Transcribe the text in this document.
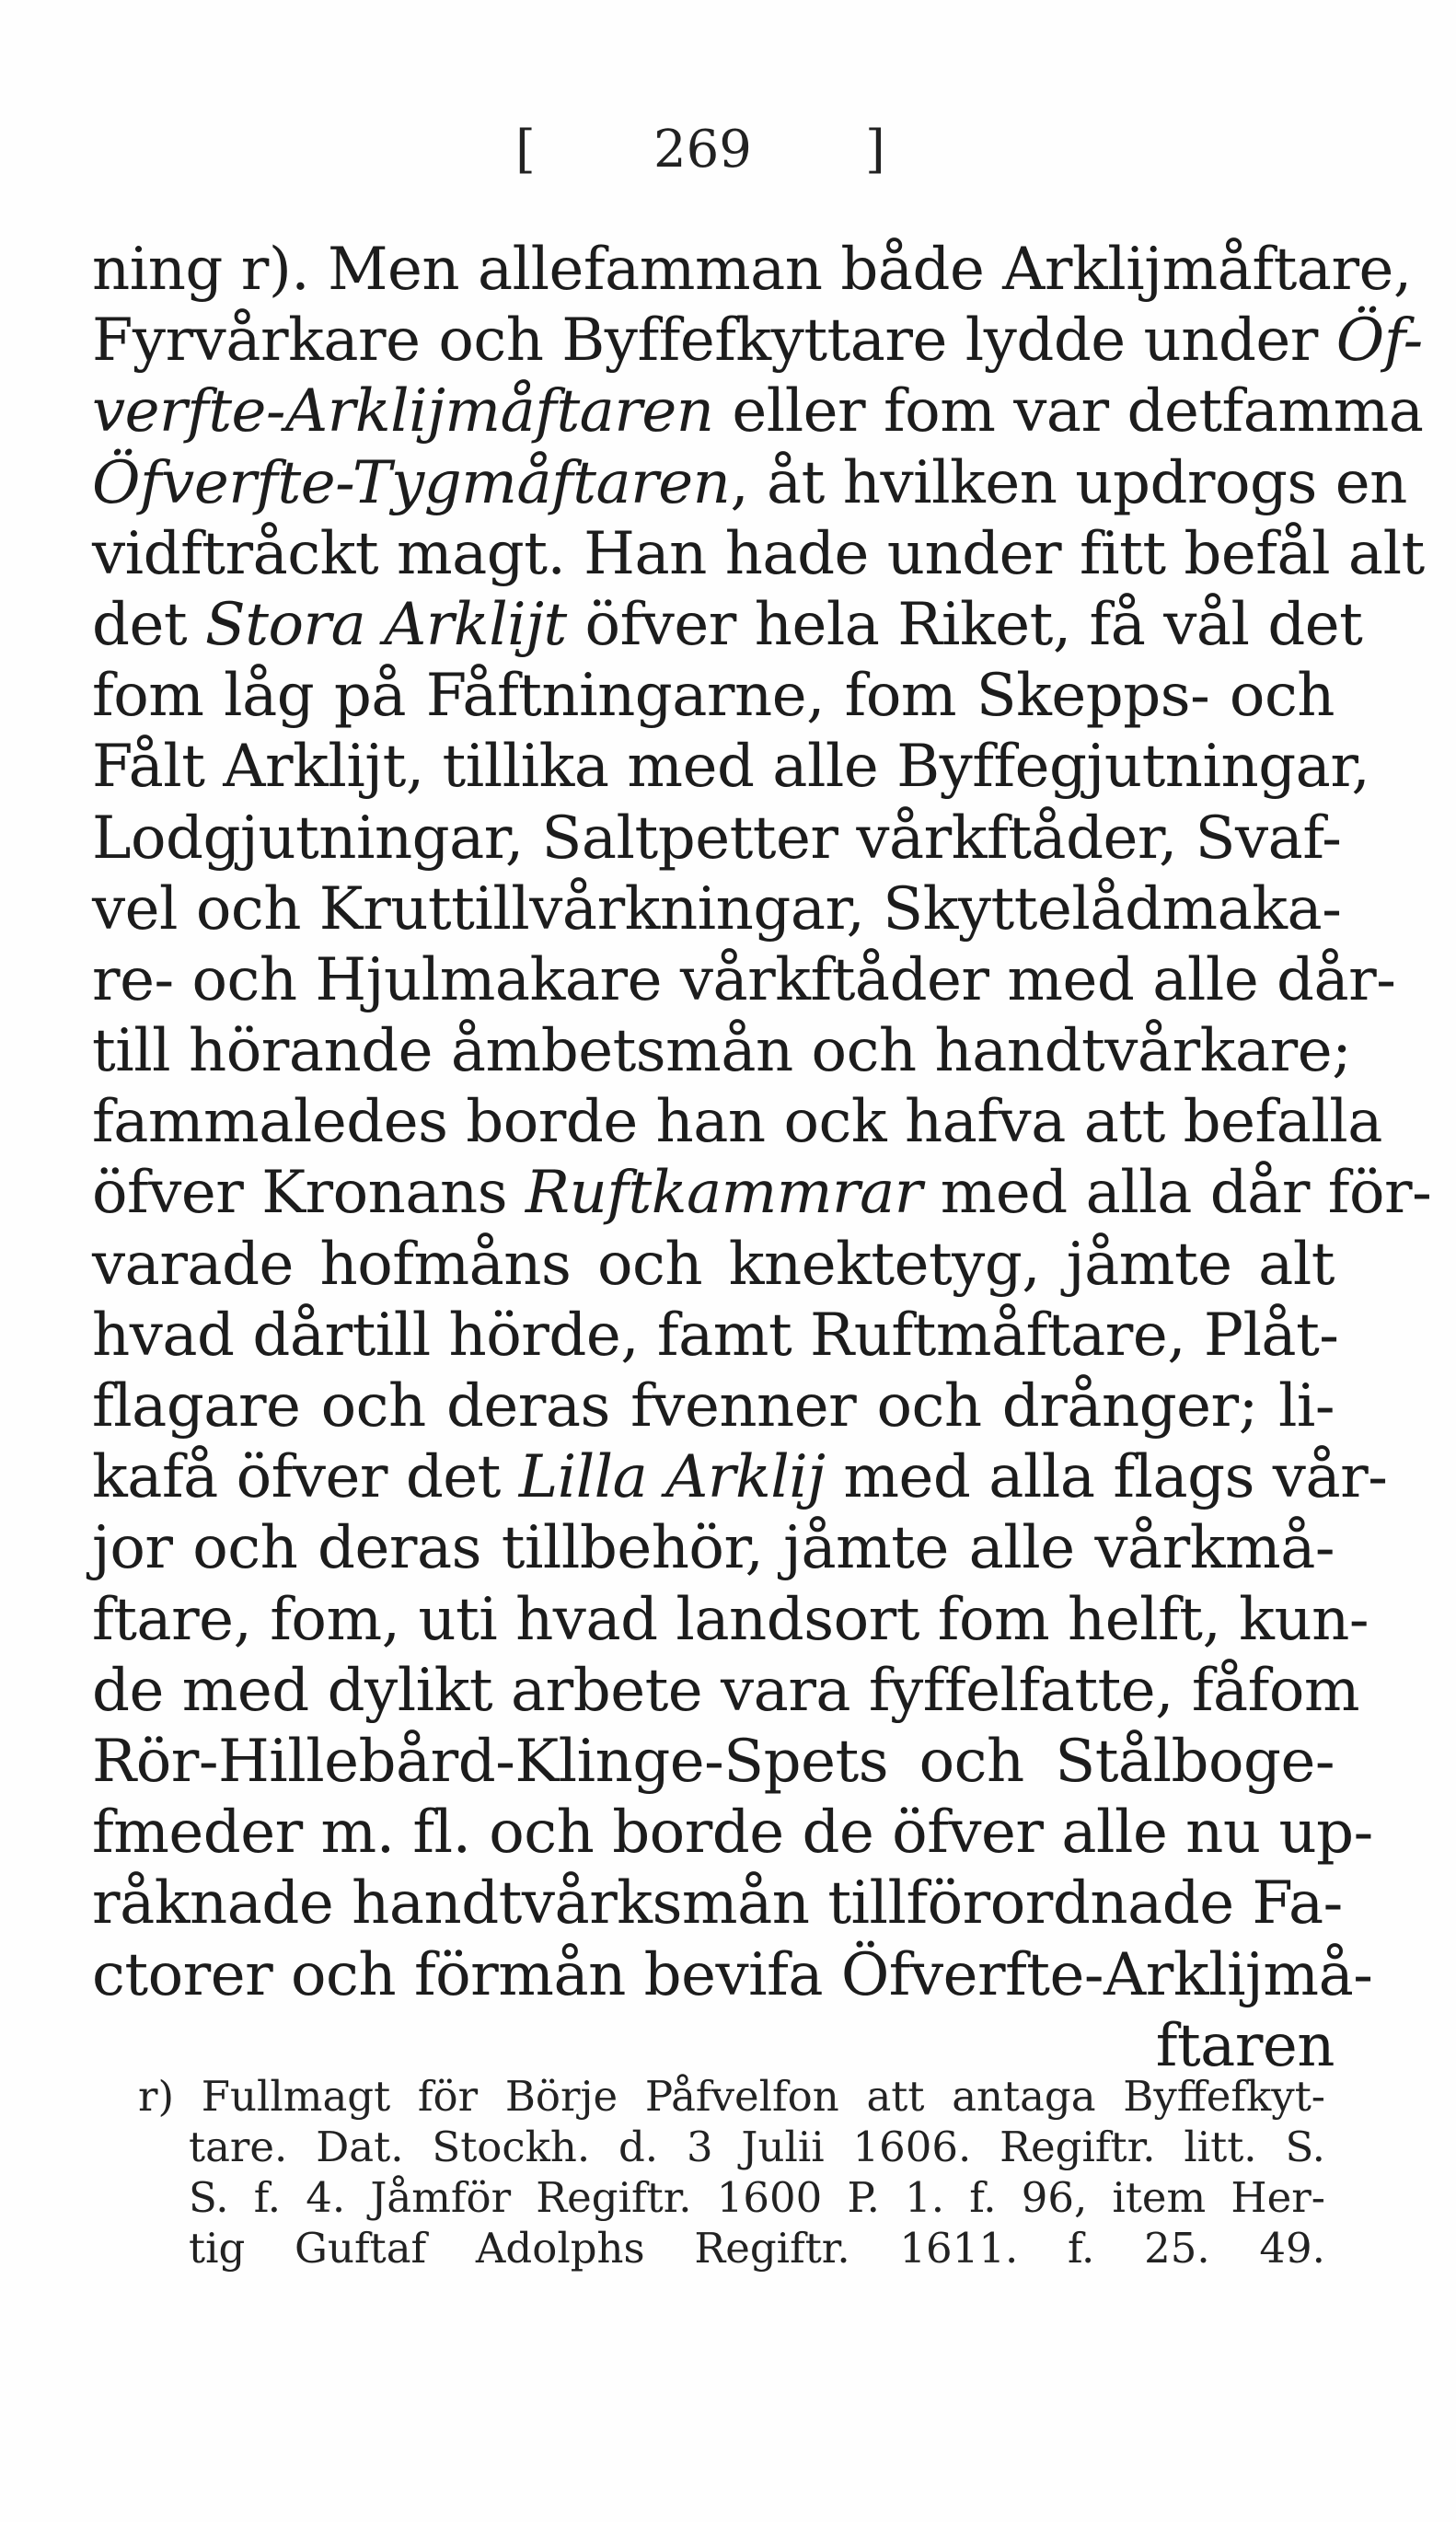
[ 269 ]
ning r). Men allefamman både Arklijmåftare,
Fyrvårkare och Byffefkyttare lydde under Öf-
verfte-Arklijmåftaren eller fom var detfamma
Öfverfte-Tygmåftaren, åt hvilken updrogs en
vidftråckt magt. Han hade under fitt befål alt
det Stora Arklijt öfver hela Riket, få vål det
fom låg på Fåftningarne, fom Skepps- och
Fålt Arklijt, tillika med alle Byffegjutningar,
Lodgjutningar, Saltpetter vårkftåder, Svaf-
vel och Kruttillvårkningar, Skyttelådmaka-
re- och Hjulmakare vårkftåder med alle dår-
till hörande åmbetsmån och handtvårkare;
fammaledes borde han ock hafva att befalla
öfver Kronans Ruftkammrar med alla dår för-
varade hofmåns och knektetyg, jåmte alt
hvad dårtill hörde, famt Ruftmåftare, Plåt-
flagare och deras fvenner och drånger; li-
kafå öfver det Lilla Arklij med alla flags vår-
jor och deras tillbehör, jåmte alle vårkmå-
ftare, fom, uti hvad landsort fom helft, kun-
de med dylikt arbete vara fyffelfatte, fåfom
Rör-Hillebård-Klinge-Spets och Stålboge-
fmeder m. fl. och borde de öfver alle nu up-
råknade handtvårksmån tillförordnade Fa-
ctorer och förmån bevifa Öfverfte-Arklijmå-
ftaren
r) Fullmagt för Börje Påfvelfon att antaga Byffefkyt-
tare. Dat. Stockh. d. 3 Julii 1606. Regiftr. litt. S.
S. f. 4. Jåmför Regiftr. 1600 P. 1. f. 96, item Her-
tig Guftaf Adolphs Regiftr. 1611. f. 25. 49.
